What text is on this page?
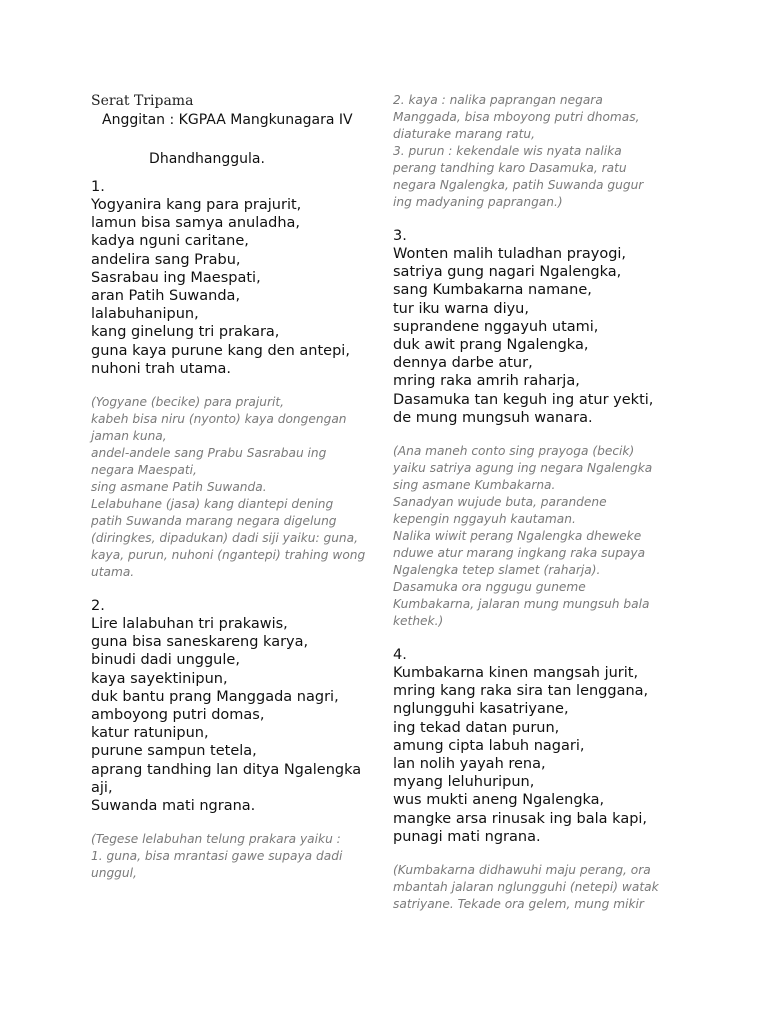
Serat Tripama
Anggitan : KGPAA Mangkunagara IV
Dhandhanggula.
1.
Yogyanira kang para prajurit,
lamun bisa samya anuladha,
kadya nguni caritane,
andelira sang Prabu,
Sasrabau ing Maespati,
aran Patih Suwanda,
lalabuhanipun,
kang ginelung tri prakara,
guna kaya purune kang den antepi,
nuhoni trah utama.
(Yogyane (becike) para prajurit,
kabeh bisa niru (nyonto) kaya dongengan
jaman kuna,
andel-andele sang Prabu Sasrabau ing
negara Maespati,
sing asmane Patih Suwanda.
Lelabuhane (jasa) kang diantepi dening
patih Suwanda marang negara digelung
(diringkes, dipadukan) dadi siji yaiku: guna,
kaya, purun, nuhoni (ngantepi) trahing wong
utama.
2.
Lire lalabuhan tri prakawis,
guna bisa saneskareng karya,
binudi dadi unggule,
kaya sayektinipun,
duk bantu prang Manggada nagri,
amboyong putri domas,
katur ratunipun,
purune sampun tetela,
aprang tandhing lan ditya Ngalengka
aji,
Suwanda mati ngrana.
(Tegese lelabuhan telung prakara yaiku :
1. guna, bisa mrantasi gawe supaya dadi
unggul,
2. kaya : nalika paprangan negara
Manggada, bisa mboyong putri dhomas,
diaturake marang ratu,
3. purun : kekendale wis nyata nalika
perang tandhing karo Dasamuka, ratu
negara Ngalengka, patih Suwanda gugur
ing madyaning paprangan.)
3.
Wonten malih tuladhan prayogi,
satriya gung nagari Ngalengka,
sang Kumbakarna namane,
tur iku warna diyu,
suprandene nggayuh utami,
duk awit prang Ngalengka,
dennya darbe atur,
mring raka amrih raharja,
Dasamuka tan keguh ing atur yekti,
de mung mungsuh wanara.
(Ana maneh conto sing prayoga (becik)
yaiku satriya agung ing negara Ngalengka
sing asmane Kumbakarna.
Sanadyan wujude buta, parandene
kepengin nggayuh kautaman.
Nalika wiwit perang Ngalengka dheweke
nduwe atur marang ingkang raka supaya
Ngalengka tetep slamet (raharja).
Dasamuka ora nggugu guneme
Kumbakarna, jalaran mung mungsuh bala
kethek.)
4.
Kumbakarna kinen mangsah jurit,
mring kang raka sira tan lenggana,
nglungguhi kasatriyane,
ing tekad datan purun,
amung cipta labuh nagari,
lan nolih yayah rena,
myang leluhuripun,
wus mukti aneng Ngalengka,
mangke arsa rinusak ing bala kapi,
punagi mati ngrana.
(Kumbakarna didhawuhi maju perang, ora
mbantah jalaran nglungguhi (netepi) watak
satriyane. Tekade ora gelem, mung mikir
